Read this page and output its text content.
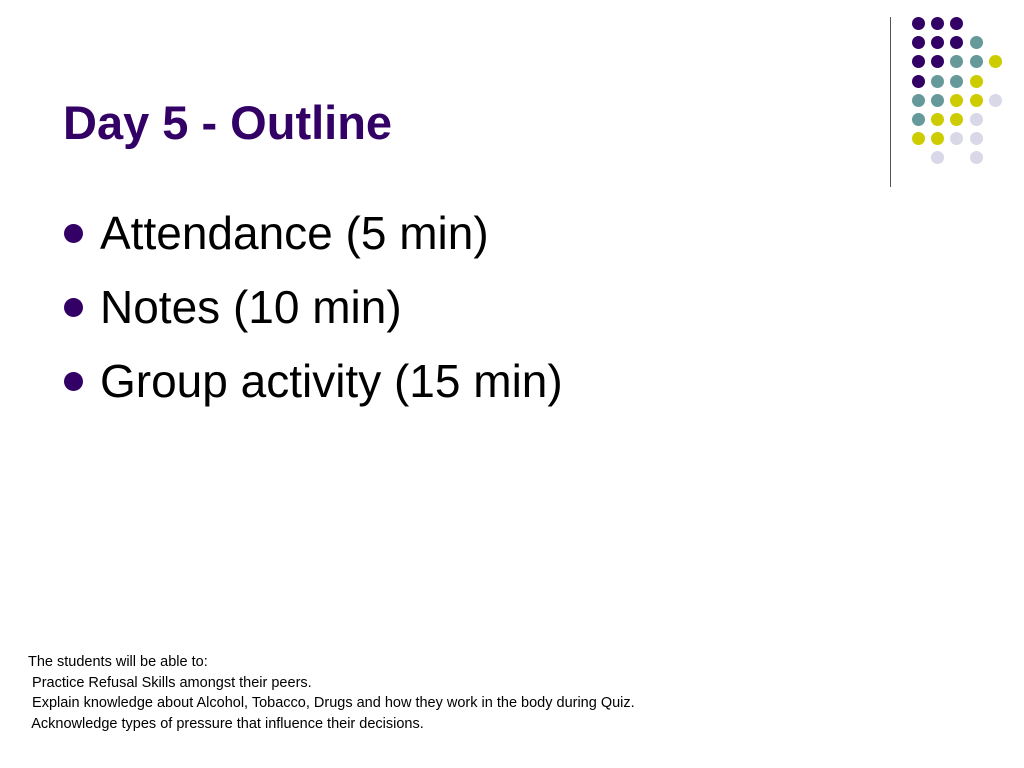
Day 5 - Outline
Attendance (5 min)
Notes (10 min)
Group activity (15 min)
The students will be able to:
Practice Refusal Skills amongst their peers.
Explain knowledge about Alcohol, Tobacco, Drugs and how they work in the body during Quiz.
Acknowledge types of pressure that influence their decisions.
